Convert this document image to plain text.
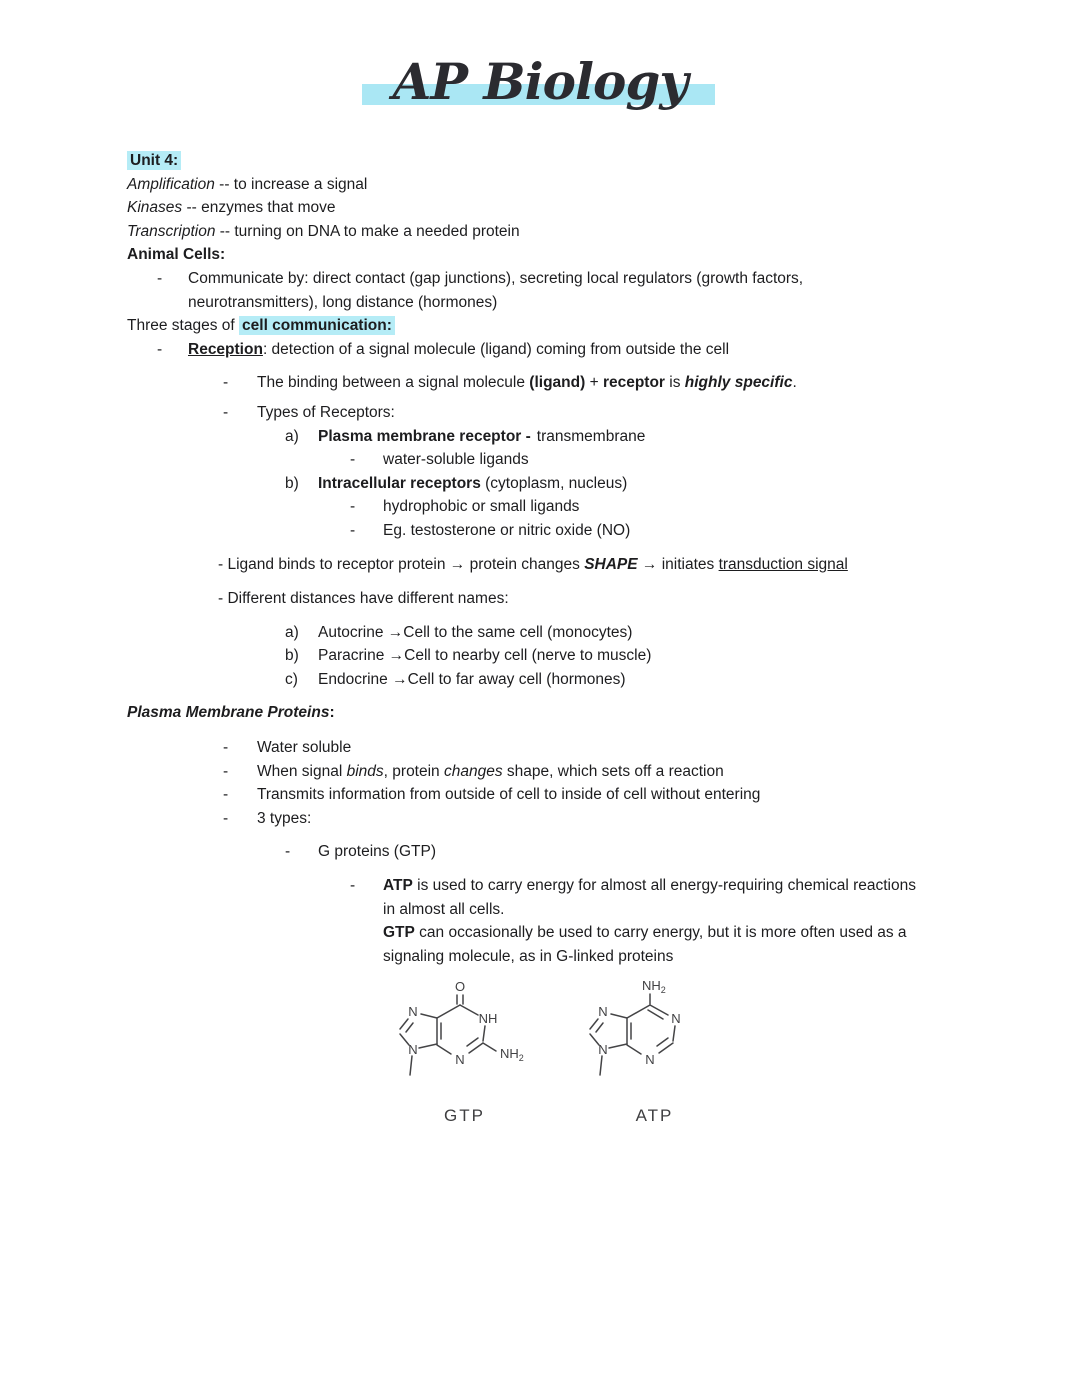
AP Biology
Unit 4:
Amplification -- to increase a signal
Kinases -- enzymes that move
Transcription -- turning on DNA to make a needed protein
Animal Cells:
-	Communicate by: direct contact (gap junctions), secreting local regulators (growth factors, neurotransmitters), long distance (hormones)
Three stages of cell communication:
-	Reception: detection of a signal molecule (ligand) coming from outside the cell
-	The binding between a signal molecule (ligand) + receptor is highly specific.
-	Types of Receptors:
a)	Plasma membrane receptor - transmembrane
-	water-soluble ligands
b)	Intracellular receptors (cytoplasm, nucleus)
-	hydrophobic or small ligands
-	Eg. testosterone or nitric oxide (NO)
- Ligand binds to receptor protein → protein changes SHAPE → initiates transduction signal
- Different distances have different names:
a)	Autocrine →Cell to the same cell (monocytes)
b)	Paracrine →Cell to nearby cell (nerve to muscle)
c)	Endocrine →Cell to far away cell (hormones)
Plasma Membrane Proteins:
-	Water soluble
-	When signal binds, protein changes shape, which sets off a reaction
-	Transmits information from outside of cell to inside of cell without entering
-	3 types:
-	G proteins (GTP)
-	ATP is used to carry energy for almost all energy-requiring chemical reactions in almost all cells.
GTP can occasionally be used to carry energy, but it is more often used as a signaling molecule, as in G-linked proteins
O
NH
N
N
N	$NH_2$
GTP
$NH_2$
N
N
N
N
ATP
